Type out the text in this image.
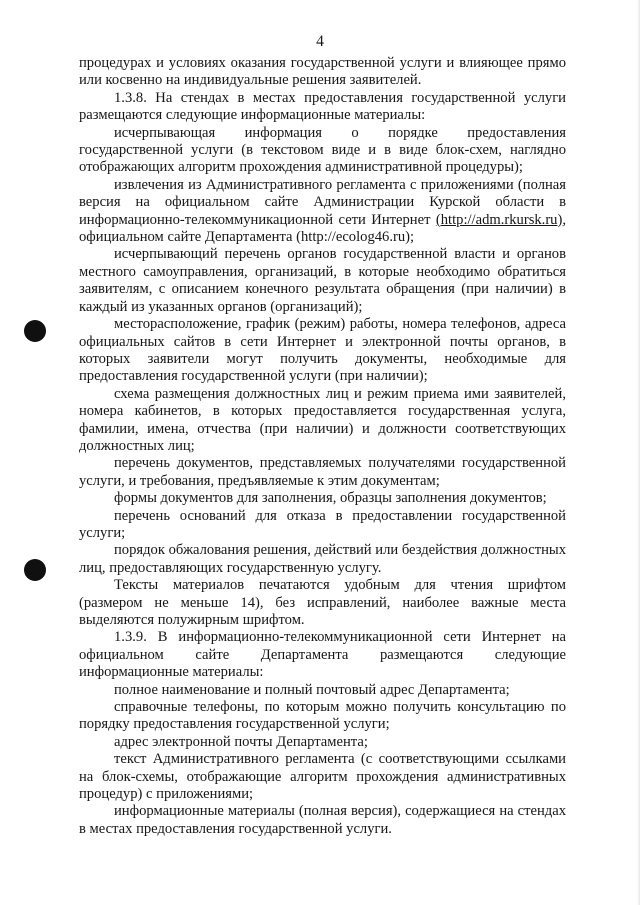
4

процедурах и условиях оказания государственной услуги и влияющее прямо или косвенно на индивидуальные решения заявителей.

1.3.8. На стендах в местах предоставления государственной услуги размещаются следующие информационные материалы:

исчерпывающая информация о порядке предоставления государственной услуги (в текстовом виде и в виде блок-схем, наглядно отображающих алгоритм прохождения административной процедуры);

извлечения из Административного регламента с приложениями (полная версия на официальном сайте Администрации Курской области в информационно-телекоммуникационной сети Интернет (http://adm.rkursk.ru), официальном сайте Департамента (http://ecolog46.ru);

исчерпывающий перечень органов государственной власти и органов местного самоуправления, организаций, в которые необходимо обратиться заявителям, с описанием конечного результата обращения (при наличии) в каждый из указанных органов (организаций);

месторасположение, график (режим) работы, номера телефонов, адреса официальных сайтов в сети Интернет и электронной почты органов, в которых заявители могут получить документы, необходимые для предоставления государственной услуги (при наличии);

схема размещения должностных лиц и режим приема ими заявителей, номера кабинетов, в которых предоставляется государственная услуга, фамилии, имена, отчества (при наличии) и должности соответствующих должностных лиц;

перечень документов, представляемых получателями государственной услуги, и требования, предъявляемые к этим документам;

формы документов для заполнения, образцы заполнения документов;

перечень оснований для отказа в предоставлении государственной услуги;

порядок обжалования решения, действий или бездействия должностных лиц, предоставляющих государственную услугу.

Тексты материалов печатаются удобным для чтения шрифтом (размером не меньше 14), без исправлений, наиболее важные места выделяются полужирным шрифтом.

1.3.9. В информационно-телекоммуникационной сети Интернет на официальном сайте Департамента размещаются следующие информационные материалы:

полное наименование и полный почтовый адрес Департамента;

справочные телефоны, по которым можно получить консультацию по порядку предоставления государственной услуги;

адрес электронной почты Департамента;

текст Административного регламента (с соответствующими ссылками на блок-схемы, отображающие алгоритм прохождения административных процедур) с приложениями;

информационные материалы (полная версия), содержащиеся на стендах в местах предоставления государственной услуги.
